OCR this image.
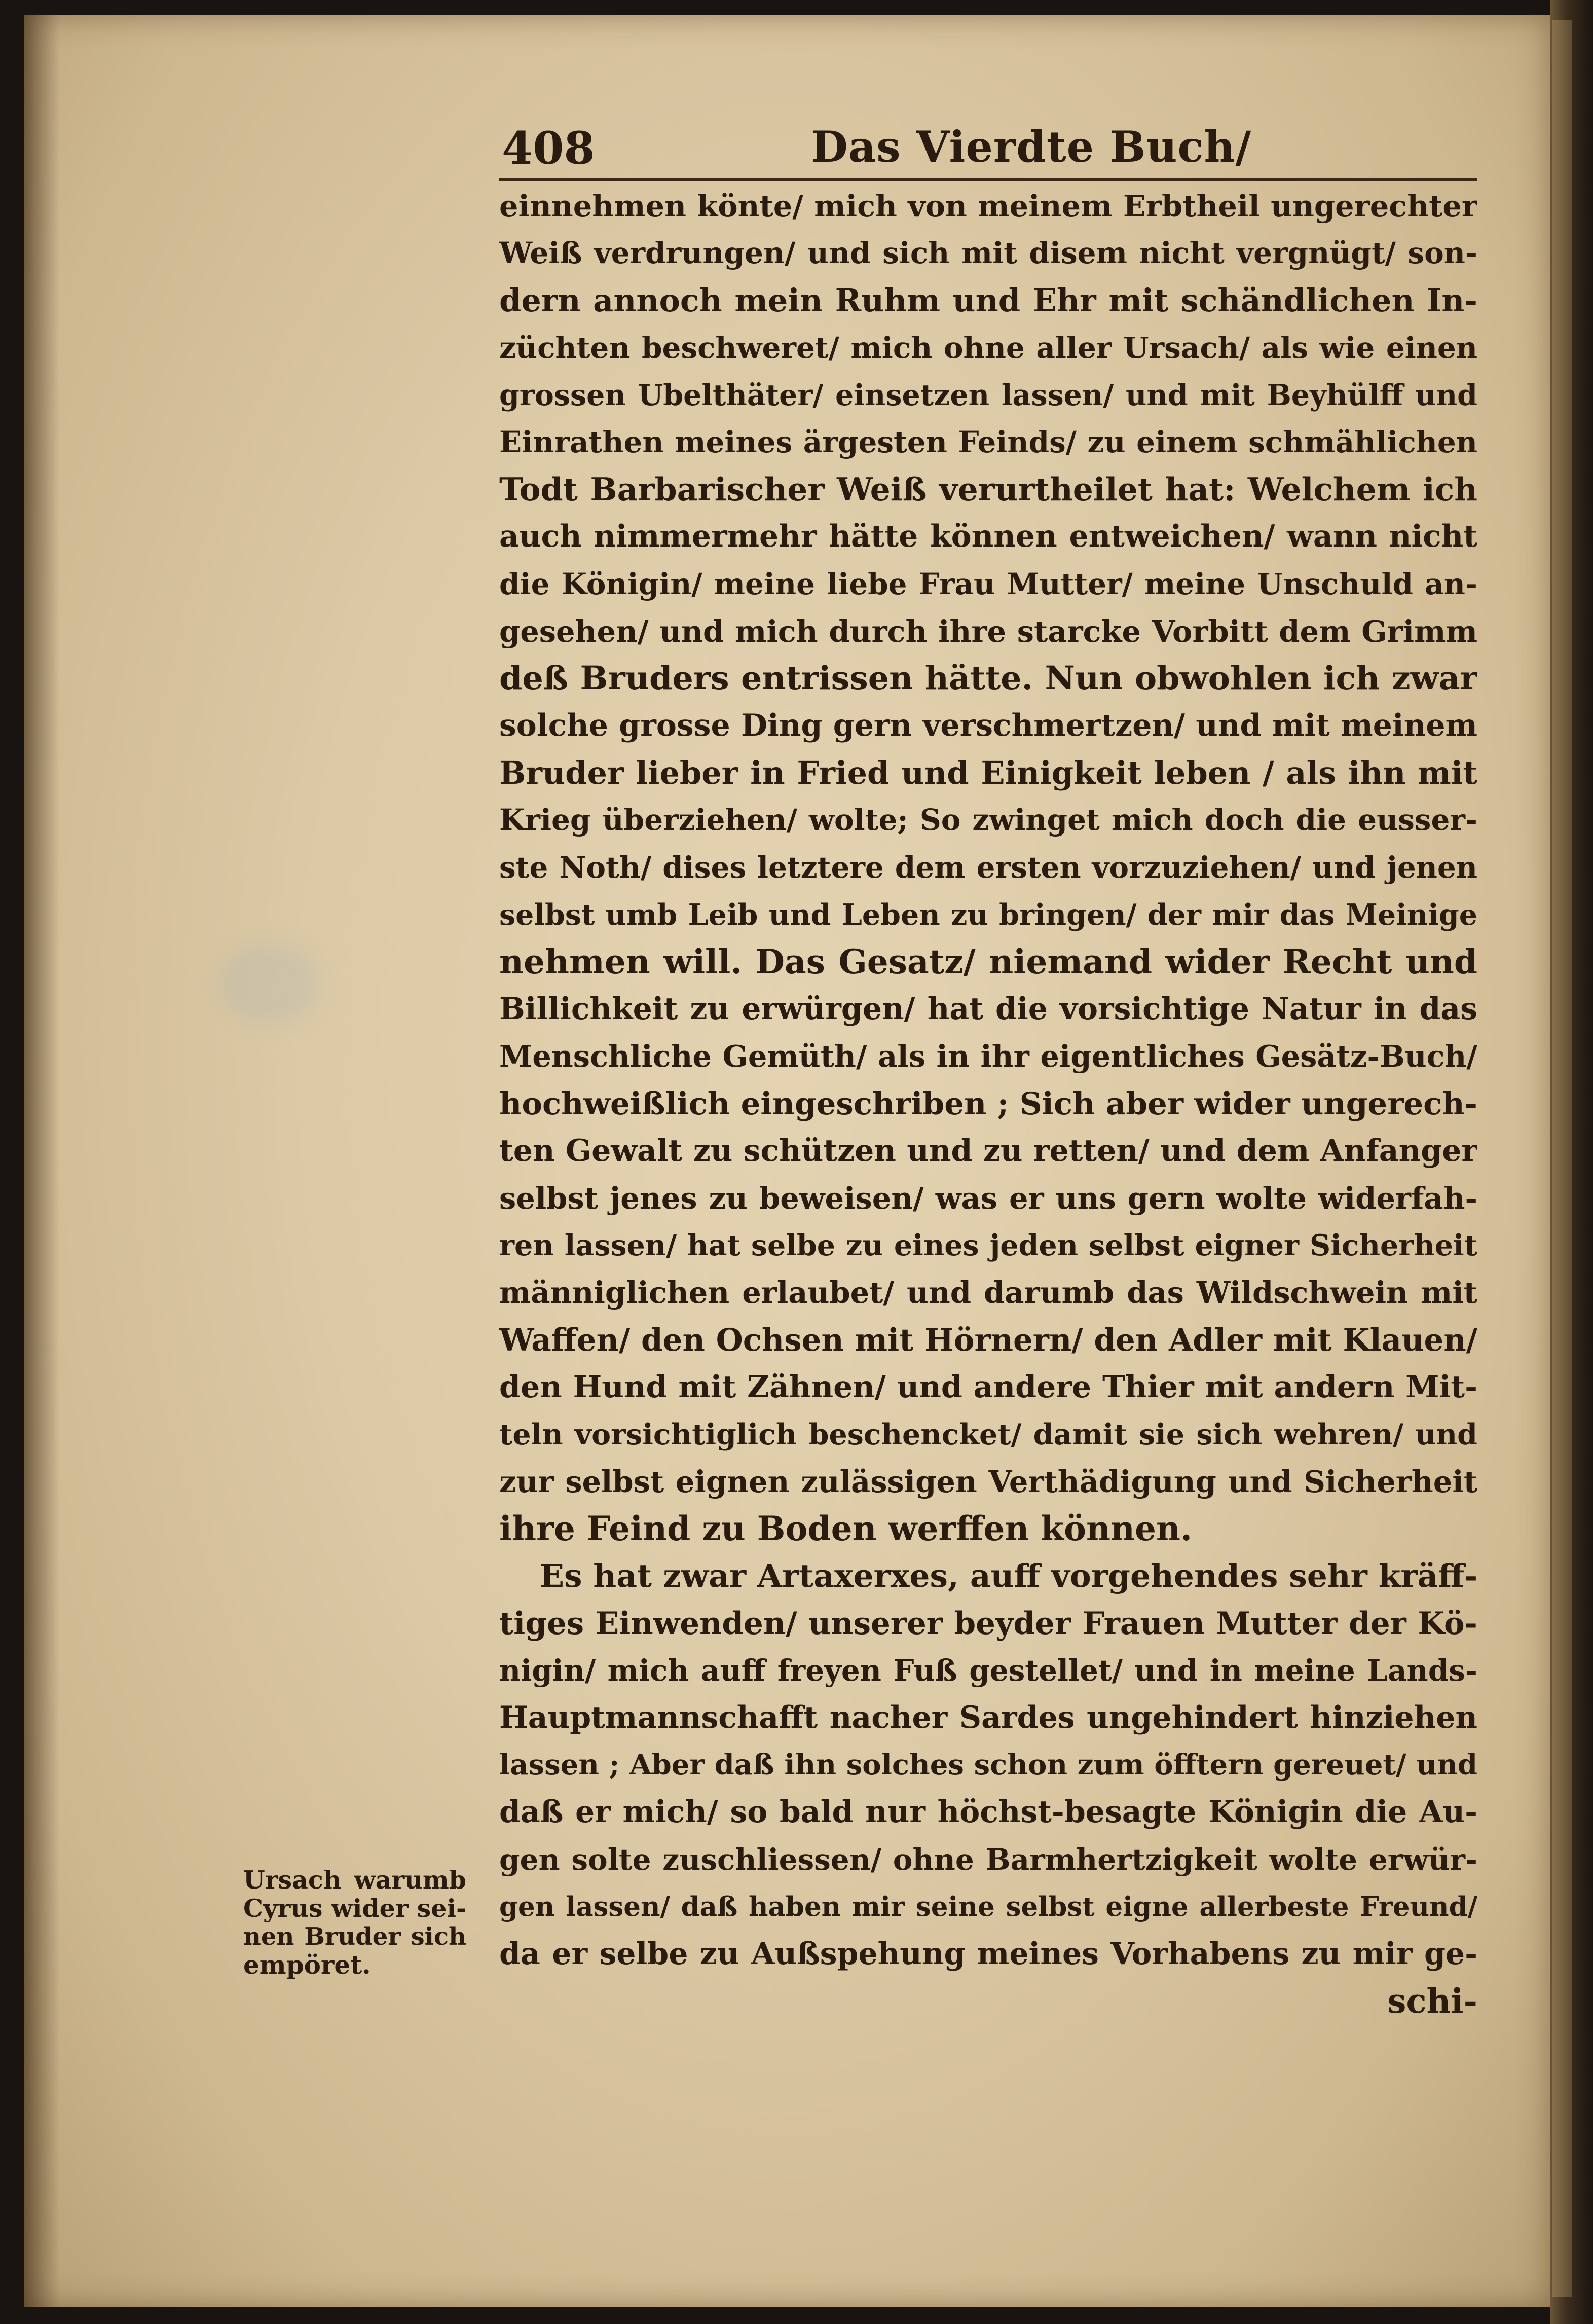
408	Das Vierdte Buch/
einnehmen könte/ mich von meinem Erbtheil ungerechter
Weiß verdrungen/ und sich mit disem nicht vergnügt/ son-
dern annoch mein Ruhm und Ehr mit schändlichen In-
züchten beschweret/ mich ohne aller Ursach/ als wie einen
grossen Ubelthäter/ einsetzen lassen/ und mit Beyhülff und
Einrathen meines ärgesten Feinds/ zu einem schmählichen
Todt Barbarischer Weiß verurtheilet hat: Welchem ich
auch nimmermehr hätte können entweichen/ wann nicht
die Königin/ meine liebe Frau Mutter/ meine Unschuld an-
gesehen/ und mich durch ihre starcke Vorbitt dem Grimm
deß Bruders entrissen hätte. Nun obwohlen ich zwar
solche grosse Ding gern verschmertzen/ und mit meinem
Bruder lieber in Fried und Einigkeit leben / als ihn mit
Krieg überziehen/ wolte; So zwinget mich doch die eusser-
ste Noth/ dises letztere dem ersten vorzuziehen/ und jenen
selbst umb Leib und Leben zu bringen/ der mir das Meinige
nehmen will. Das Gesatz/ niemand wider Recht und
Billichkeit zu erwürgen/ hat die vorsichtige Natur in das
Menschliche Gemüth/ als in ihr eigentliches Gesätz-Buch/
hochweißlich eingeschriben ; Sich aber wider ungerech-
ten Gewalt zu schützen und zu retten/ und dem Anfanger
selbst jenes zu beweisen/ was er uns gern wolte widerfah-
ren lassen/ hat selbe zu eines jeden selbst eigner Sicherheit
männiglichen erlaubet/ und darumb das Wildschwein mit
Waffen/ den Ochsen mit Hörnern/ den Adler mit Klauen/
den Hund mit Zähnen/ und andere Thier mit andern Mit-
teln vorsichtiglich beschencket/ damit sie sich wehren/ und
zur selbst eignen zulässigen Verthädigung und Sicherheit
ihre Feind zu Boden werffen können.
Es hat zwar Artaxerxes, auff vorgehendes sehr kräff-
tiges Einwenden/ unserer beyder Frauen Mutter der Kö-
nigin/ mich auff freyen Fuß gestellet/ und in meine Lands-
Hauptmannschafft nacher Sardes ungehindert hinziehen
lassen ; Aber daß ihn solches schon zum öfftern gereuet/ und
daß er mich/ so bald nur höchst-besagte Königin die Au-
gen solte zuschliessen/ ohne Barmhertzigkeit wolte erwür-
gen lassen/ daß haben mir seine selbst eigne allerbeste Freund/
da er selbe zu Außspehung meines Vorhabens zu mir ge-
schi-
Ursach warumb
Cyrus wider sei-
nen Bruder sich
empöret.
